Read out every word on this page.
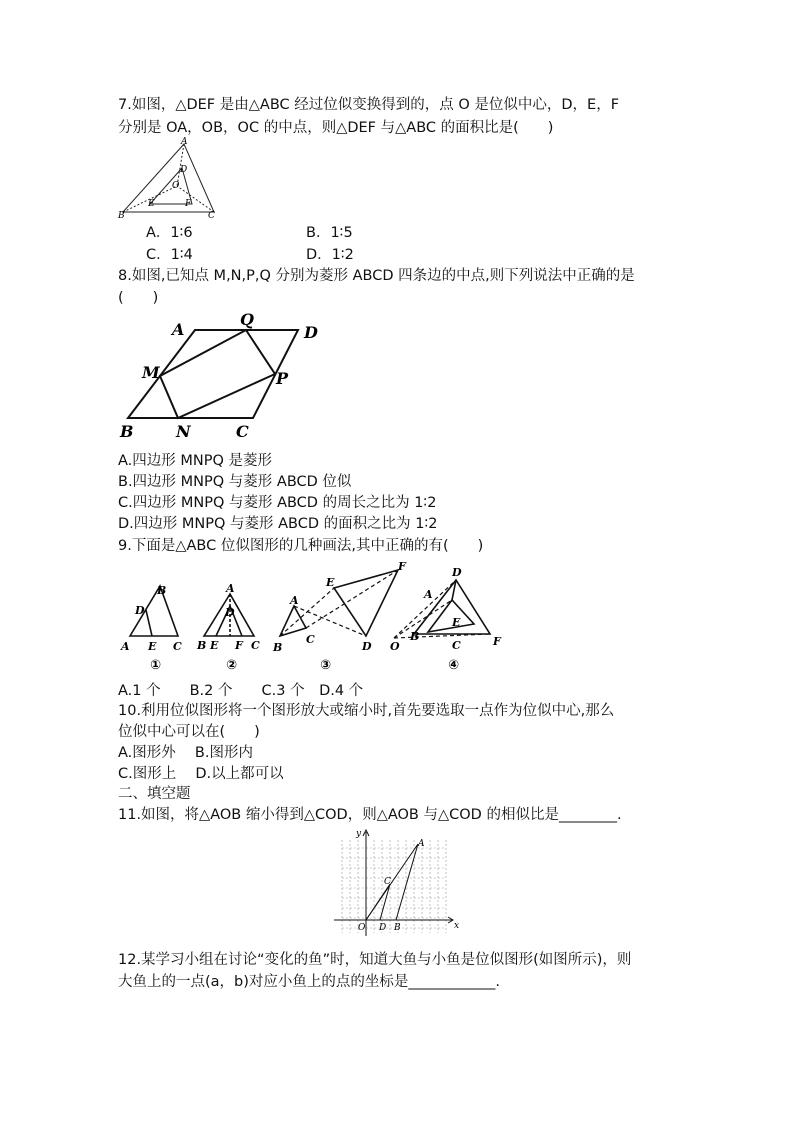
7.如图，△DEF 是由△ABC 经过位似变换得到的，点 O 是位似中心，D，E，F
分别是 OA，OB，OC 的中点，则△DEF 与△ABC 的面积比是(　　)
A
D
O
E	F
B	C
A．1∶6	B．1∶5
C．1∶4	D．1∶2
8.如图,已知点 M,N,P,Q 分别为菱形 ABCD 四条边的中点,则下列说法中正确的是
(　　)
A
Q
D
M	P
B	N	C
A.四边形 MNPQ 是菱形
B.四边形 MNPQ 与菱形 ABCD 位似
C.四边形 MNPQ 与菱形 ABCD 的周长之比为 1∶2
D.四边形 MNPQ 与菱形 ABCD 的面积之比为 1∶2
9.下面是△ABC 位似图形的几种画法,其中正确的有(　　)
B
D
A E C
①
A
D
B E F C
②
E
F
A
C
B	D
③
D
A
E
B
O	C	F
④
A.1 个　　B.2 个　　C.3 个　D.4 个
10.利用位似图形将一个图形放大或缩小时,首先要选取一点作为位似中心,那么
位似中心可以在(　　)
A.图形外　 B.图形内
C.图形上　 D.以上都可以
二、填空题
11.如图，将△AOB 缩小得到△COD，则△AOB 与△COD 的相似比是________.
y
x
A
C
O D B
12.某学习小组在讨论“变化的鱼”时，知道大鱼与小鱼是位似图形(如图所示)，则
大鱼上的一点(a，b)对应小鱼上的点的坐标是____________.
